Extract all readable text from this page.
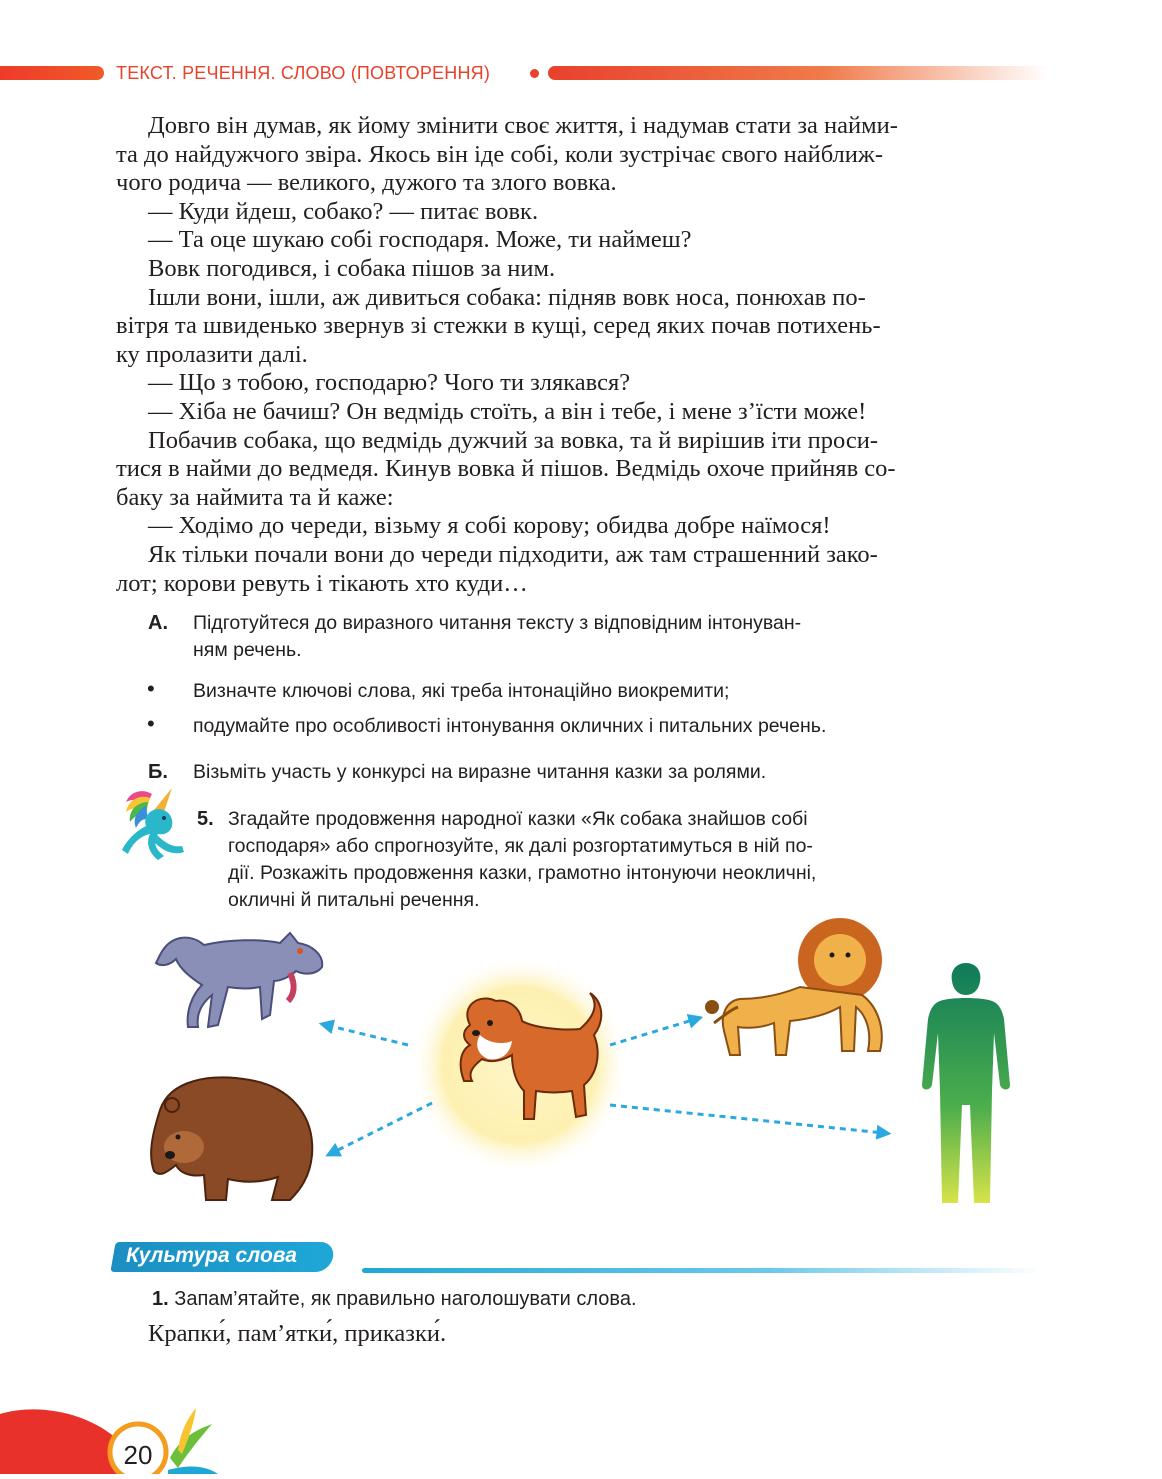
ТЕКСТ. РЕЧЕННЯ. СЛОВО (ПОВТОРЕННЯ)

Довго він думав, як йому змінити своє життя, і надумав стати за найми-

та до найдужчого звіра. Якось він іде собі, коли зустрічає свого найближ-

чого родича — великого, дужого та злого вовка.

— Куди йдеш, собако? — питає вовк.

— Та оце шукаю собі господаря. Може, ти наймеш?

Вовк погодився, і собака пішов за ним.

Ішли вони, ішли, аж дивиться собака: підняв вовк носа, понюхав по-

вітря та швиденько звернув зі стежки в кущі, серед яких почав потихень-

ку пролазити далі.

— Що з тобою, господарю? Чого ти злякався?

— Хіба не бачиш? Он ведмідь стоїть, а він і тебе, і мене з’їсти може!

Побачив собака, що ведмідь дужчий за вовка, та й вирішив іти проси-

тися в найми до ведмедя. Кинув вовка й пішов. Ведмідь охоче прийняв со-

баку за наймита та й каже:

— Ходімо до череди, візьму я собі корову; обидва добре наїмося!

Як тільки почали вони до череди підходити, аж там страшенний зако-

лот; корови ревуть і тікають хто куди…

А. Підготуйтеся до виразного читання тексту з відповідним інтонуван-
ням речень.
• Визначте ключові слова, які треба інтонаційно виокремити;
• подумайте про особливості інтонування окличних і питальних речень.
Б. Візьміть участь у конкурсі на виразне читання казки за ролями.
5. Згадайте продовження народної казки «Як собака знайшов собі
господаря» або спрогнозуйте, як далі розгортатимуться в ній по-
дії. Розкажіть продовження казки, грамотно інтонуючи неокличні,
окличні й питальні речення.
Культура слова
1. Запам’ятайте, як правильно наголошувати слова.
Крапки́, пам’ятки́, приказки́.
20
